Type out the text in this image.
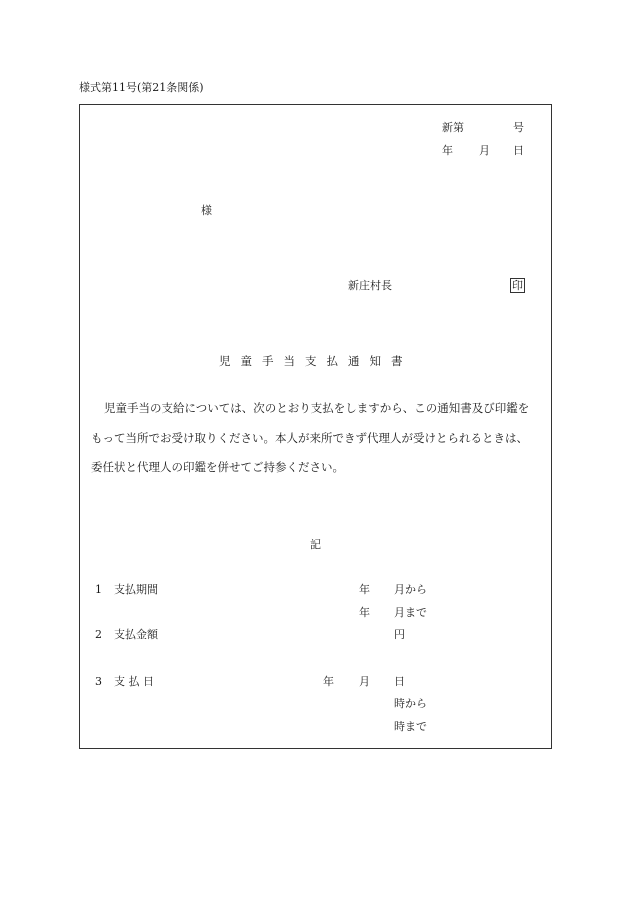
様式第11号(第21条関係)
新第	号
年 月 日
様
新庄村長	印
児童手当支払通知書
児童手当の支給については、次のとおり支払をしますから、この通知書及び印鑑を
もって当所でお受け取りください。本人が来所できず代理人が受けとられるときは、
委任状と代理人の印鑑を併せてご持参ください。
記
1 支払期間	年 月から
年 月まで
2 支払金額	円
3 支 払 日	年 月 日
時から
時まで
